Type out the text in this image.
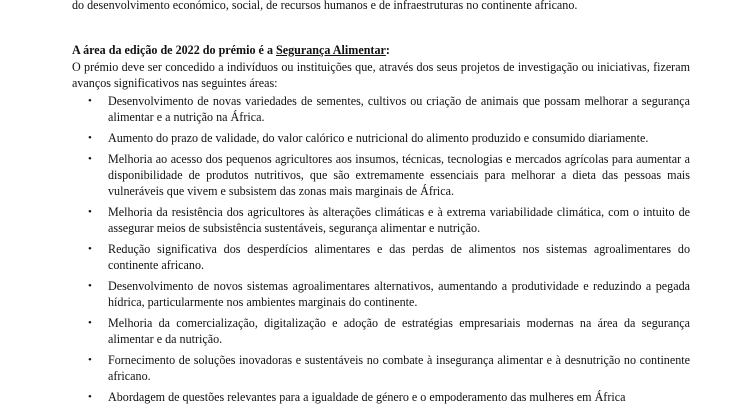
do desenvolvimento económico, social, de recursos humanos e de infraestruturas no continente africano.
A área da edição de 2022 do prémio é a Segurança Alimentar:
O prémio deve ser concedido a indivíduos ou instituições que, através dos seus projetos de investigação ou iniciativas, fizeram avanços significativos nas seguintes áreas:
• Desenvolvimento de novas variedades de sementes, cultivos ou criação de animais que possam melhorar a segurança alimentar e a nutrição na África.
• Aumento do prazo de validade, do valor calórico e nutricional do alimento produzido e consumido diariamente.
• Melhoria ao acesso dos pequenos agricultores aos insumos, técnicas, tecnologias e mercados agrícolas para aumentar a disponibilidade de produtos nutritivos, que são extremamente essenciais para melhorar a dieta das pessoas mais vulneráveis que vivem e subsistem das zonas mais marginais de África.
• Melhoria da resistência dos agricultores às alterações climáticas e à extrema variabilidade climática, com o intuito de assegurar meios de subsistência sustentáveis, segurança alimentar e nutrição.
• Redução significativa dos desperdícios alimentares e das perdas de alimentos nos sistemas agroalimentares do continente africano.
• Desenvolvimento de novos sistemas agroalimentares alternativos, aumentando a produtividade e reduzindo a pegada hídrica, particularmente nos ambientes marginais do continente.
• Melhoria da comercialização, digitalização e adoção de estratégias empresariais modernas na área da segurança alimentar e da nutrição.
• Fornecimento de soluções inovadoras e sustentáveis no combate à insegurança alimentar e à desnutrição no continente africano.
• Abordagem de questões relevantes para a igualdade de género e o empoderamento das mulheres em África
